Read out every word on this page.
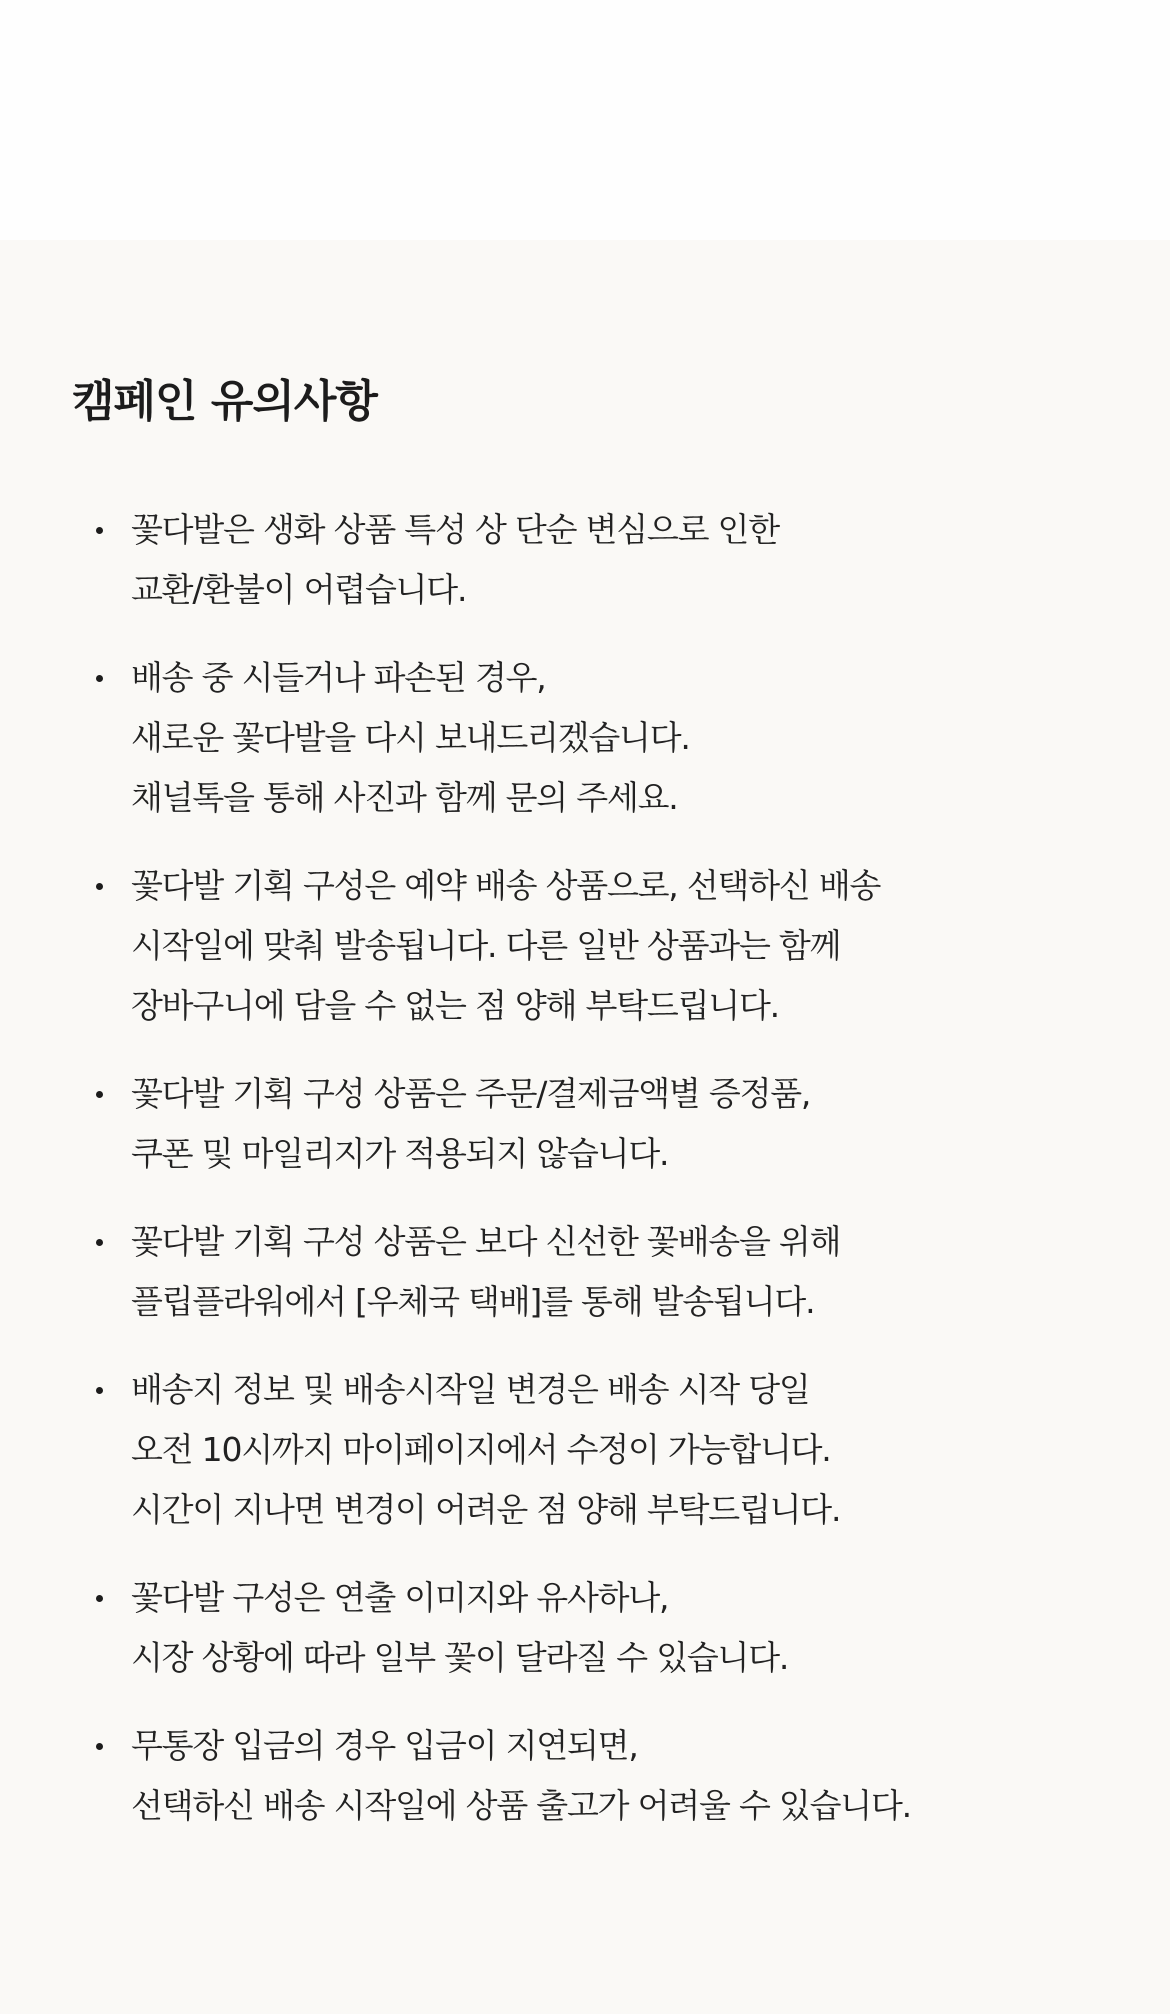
캠페인 유의사항
꽃다발은 생화 상품 특성 상 단순 변심으로 인한
교환/환불이 어렵습니다.
배송 중 시들거나 파손된 경우,
새로운 꽃다발을 다시 보내드리겠습니다.
채널톡을 통해 사진과 함께 문의 주세요.
꽃다발 기획 구성은 예약 배송 상품으로, 선택하신 배송
시작일에 맞춰 발송됩니다. 다른 일반 상품과는 함께
장바구니에 담을 수 없는 점 양해 부탁드립니다.
꽃다발 기획 구성 상품은 주문/결제금액별 증정품,
쿠폰 및 마일리지가 적용되지 않습니다.
꽃다발 기획 구성 상품은 보다 신선한 꽃배송을 위해
플립플라워에서 [우체국 택배]를 통해 발송됩니다.
배송지 정보 및 배송시작일 변경은 배송 시작 당일
오전 10시까지 마이페이지에서 수정이 가능합니다.
시간이 지나면 변경이 어려운 점 양해 부탁드립니다.
꽃다발 구성은 연출 이미지와 유사하나,
시장 상황에 따라 일부 꽃이 달라질 수 있습니다.
무통장 입금의 경우 입금이 지연되면,
선택하신 배송 시작일에 상품 출고가 어려울 수 있습니다.
